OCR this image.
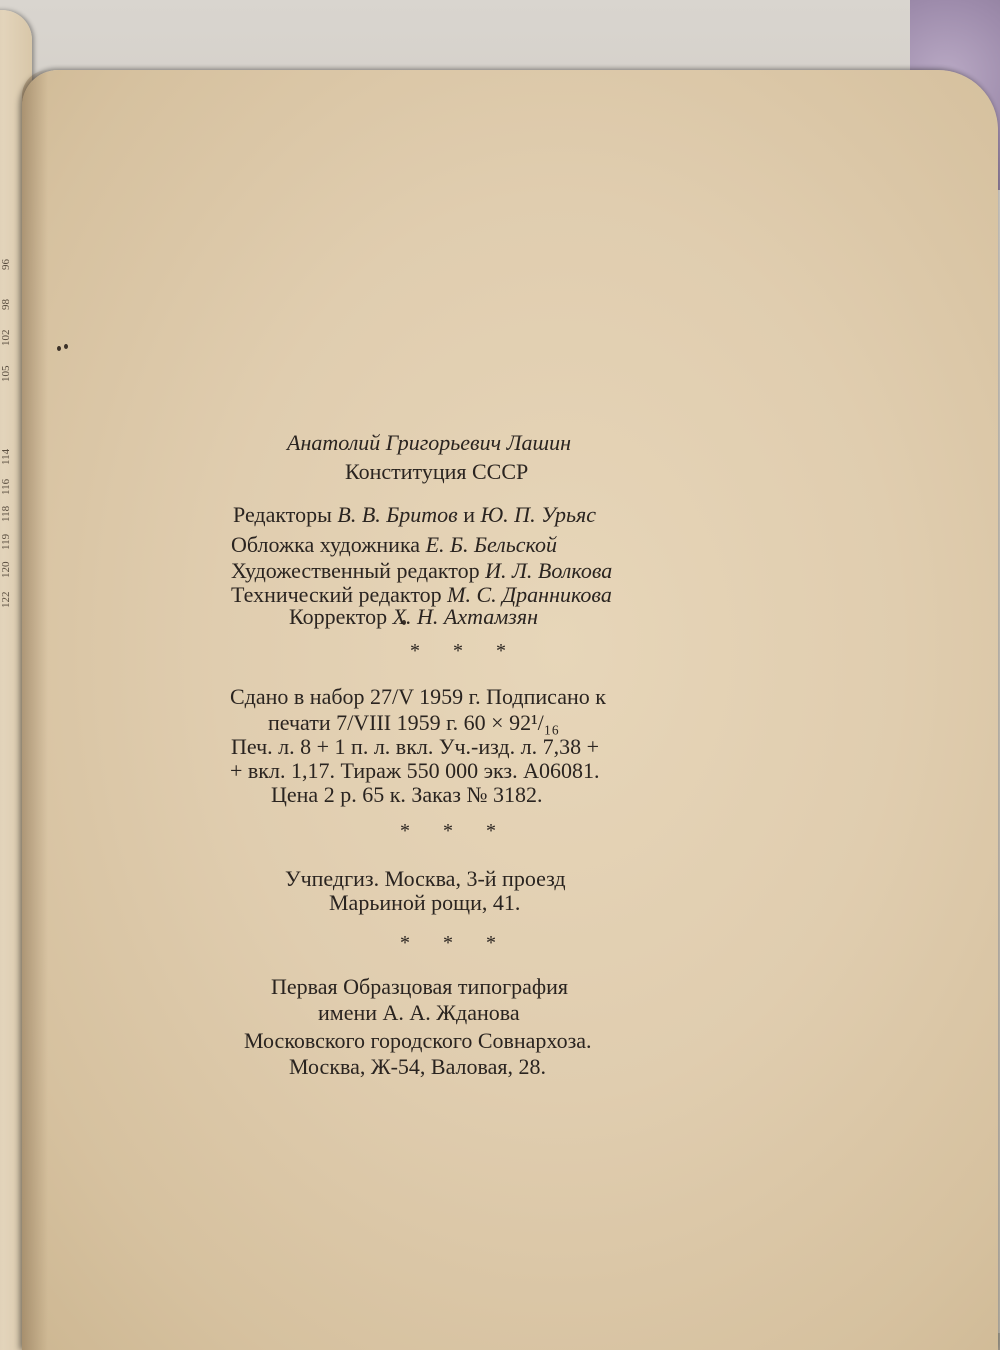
96
98
102
105
114
116
118
119
120
122

Анатолий Григорьевич Лашин

Конституция СССР

Редакторы В. В. Бритов и Ю. П. Урьяс

Обложка художника Е. Б. Бельской

Художественный редактор И. Л. Волкова

Технический редактор М. С. Дранникова

Корректор Х. Н. Ахтамзян

* * *

Сдано в набор 27/V 1959 г. Подписано к

печати 7/VIII 1959 г. 60 × 92¹/₁₆

Печ. л. 8 + 1 п. л. вкл. Уч.-изд. л. 7,38 +

+ вкл. 1,17. Тираж 550 000 экз. А06081.

Цена 2 р. 65 к. Заказ № 3182.

* * *

Учпедгиз. Москва, 3-й проезд

Марьиной рощи, 41.

* * *

Первая Образцовая типография

имени А. А. Жданова

Московского городского Совнархоза.

Москва, Ж-54, Валовая, 28.
